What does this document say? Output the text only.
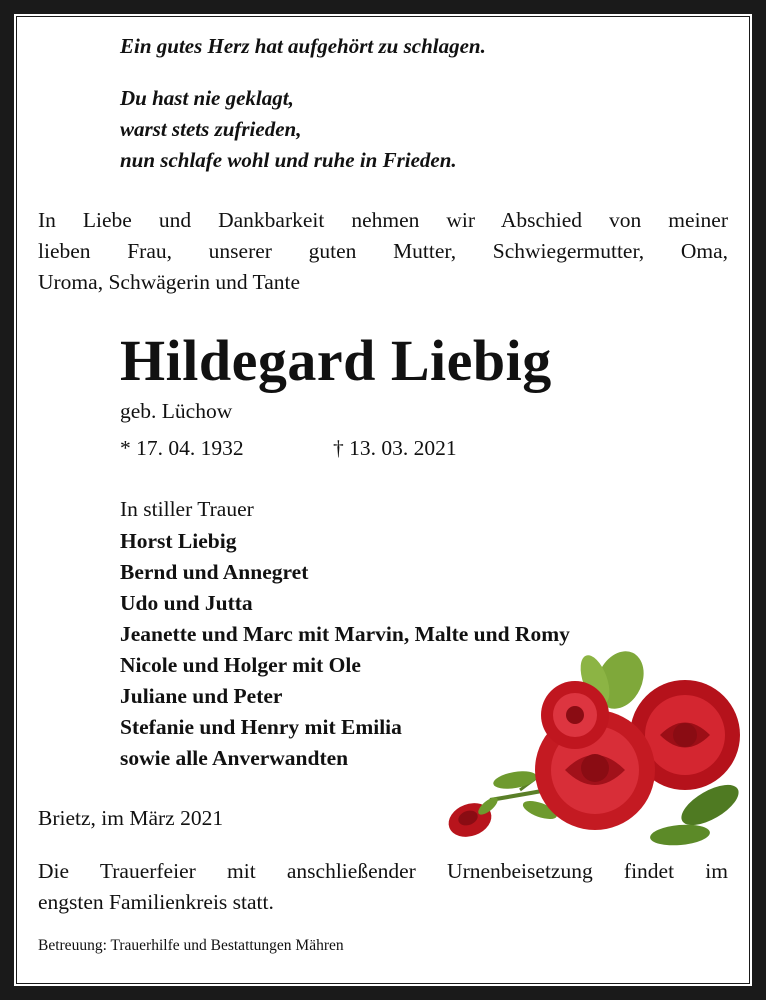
Ein gutes Herz hat aufgehört zu schlagen.
Du hast nie geklagt,
warst stets zufrieden,
nun schlafe wohl und ruhe in Frieden.
In Liebe und Dankbarkeit nehmen wir Abschied von meiner
lieben Frau, unserer guten Mutter, Schwiegermutter, Oma,
Uroma, Schwägerin und Tante
Hildegard Liebig
geb. Lüchow
* 17. 04. 1932	† 13. 03. 2021
In stiller Trauer
Horst Liebig
Bernd und Annegret
Udo und Jutta
Jeanette und Marc mit Marvin, Malte und Romy
Nicole und Holger mit Ole
Juliane und Peter
Stefanie und Henry mit Emilia
sowie alle Anverwandten
Brietz, im März 2021
Die Trauerfeier mit anschließender Urnenbeisetzung findet im
engsten Familienkreis statt.
Betreuung: Trauerhilfe und Bestattungen Mähren
